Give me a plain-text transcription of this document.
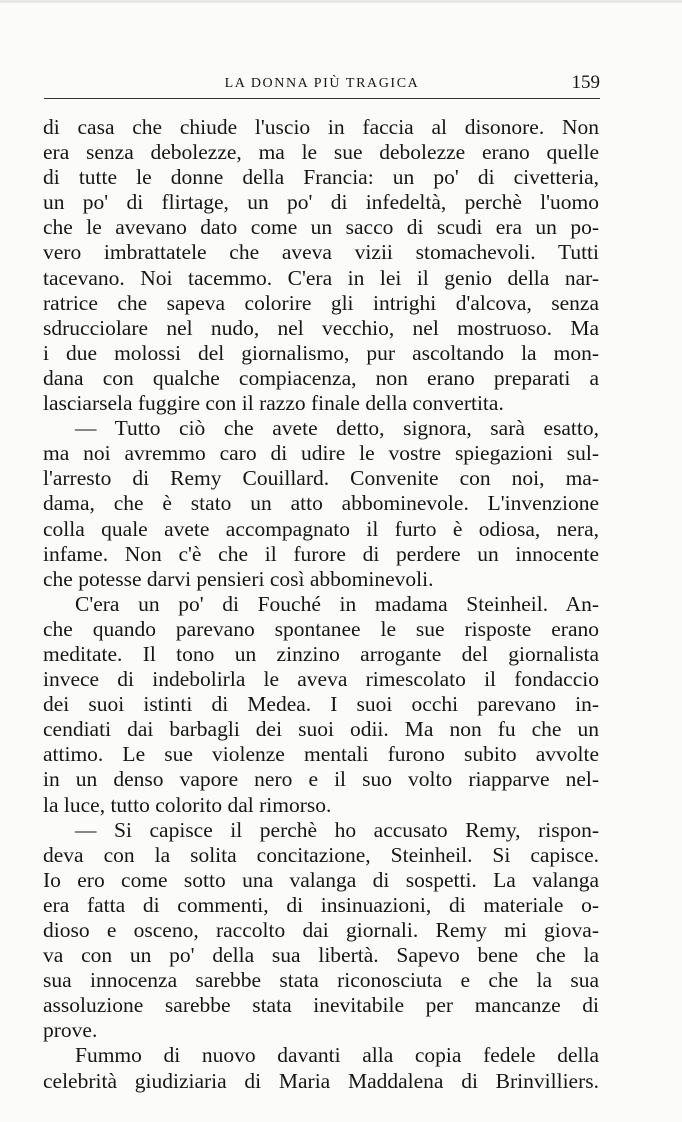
LA DONNA PIÙ TRAGICA	159
di casa che chiude l'uscio in faccia al disonore. Non
era senza debolezze, ma le sue debolezze erano quelle
di tutte le donne della Francia: un po' di civetteria,
un po' di flirtage, un po' di infedeltà, perchè l'uomo
che le avevano dato come un sacco di scudi era un po-
vero imbrattatele che aveva vizii stomachevoli. Tutti
tacevano. Noi tacemmo. C'era in lei il genio della nar-
ratrice che sapeva colorire gli intrighi d'alcova, senza
sdrucciolare nel nudo, nel vecchio, nel mostruoso. Ma
i due molossi del giornalismo, pur ascoltando la mon-
dana con qualche compiacenza, non erano preparati a
lasciarsela fuggire con il razzo finale della convertita.
— Tutto ciò che avete detto, signora, sarà esatto,
ma noi avremmo caro di udire le vostre spiegazioni sul-
l'arresto di Remy Couillard. Convenite con noi, ma-
dama, che è stato un atto abbominevole. L'invenzione
colla quale avete accompagnato il furto è odiosa, nera,
infame. Non c'è che il furore di perdere un innocente
che potesse darvi pensieri così abbominevoli.
C'era un po' di Fouché in madama Steinheil. An-
che quando parevano spontanee le sue risposte erano
meditate. Il tono un zinzino arrogante del giornalista
invece di indebolirla le aveva rimescolato il fondaccio
dei suoi istinti di Medea. I suoi occhi parevano in-
cendiati dai barbagli dei suoi odii. Ma non fu che un
attimo. Le sue violenze mentali furono subito avvolte
in un denso vapore nero e il suo volto riapparve nel-
la luce, tutto colorito dal rimorso.
— Si capisce il perchè ho accusato Remy, rispon-
deva con la solita concitazione, Steinheil. Si capisce.
Io ero come sotto una valanga di sospetti. La valanga
era fatta di commenti, di insinuazioni, di materiale o-
dioso e osceno, raccolto dai giornali. Remy mi giova-
va con un po' della sua libertà. Sapevo bene che la
sua innocenza sarebbe stata riconosciuta e che la sua
assoluzione sarebbe stata inevitabile per mancanze di
prove.
Fummo di nuovo davanti alla copia fedele della
celebrità giudiziaria di Maria Maddalena di Brinvilliers.
